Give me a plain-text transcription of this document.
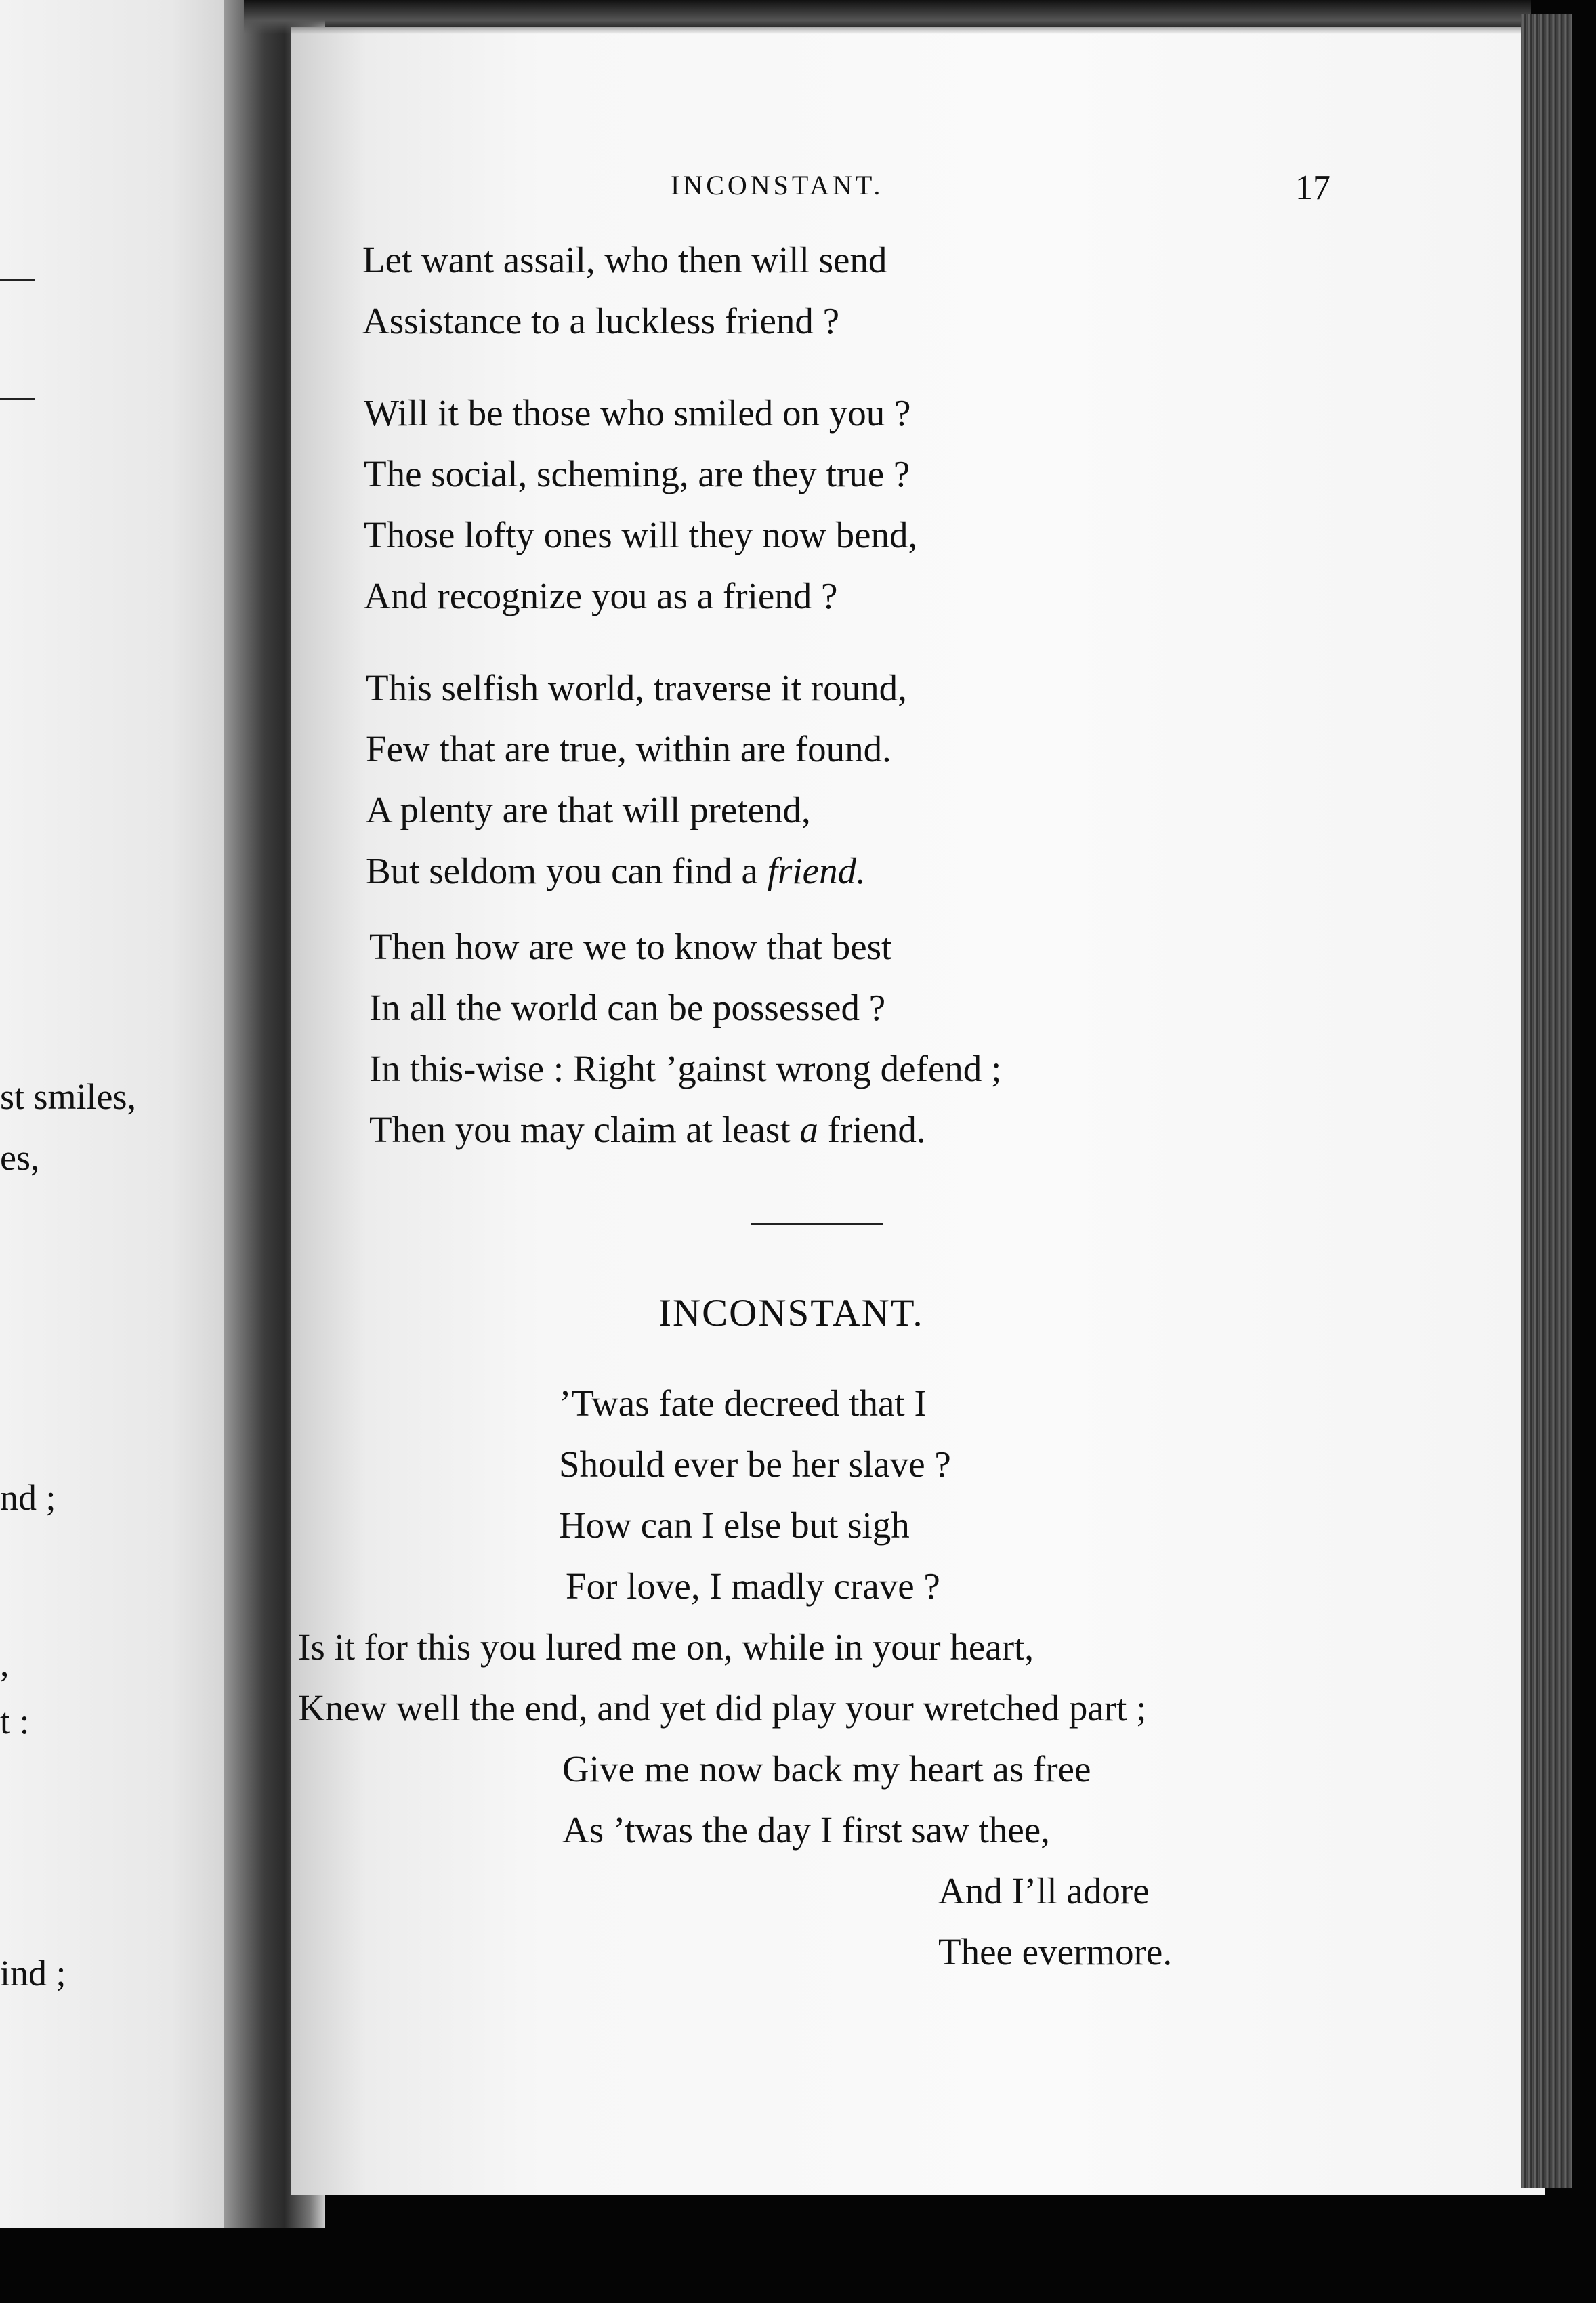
st smiles,
es,
nd ;
,
t :
ind ;
INCONSTANT.	17
Let want assail, who then will send
Assistance to a luckless friend ?
Will it be those who smiled on you ?
The social, scheming, are they true ?
Those lofty ones will they now bend,
And recognize you as a friend ?
This selfish world, traverse it round,
Few that are true, within are found.
A plenty are that will pretend,
But seldom you can find a friend.
Then how are we to know that best
In all the world can be possessed ?
In this-wise : Right ’gainst wrong defend ;
Then you may claim at least a friend.
INCONSTANT.
’Twas fate decreed that I
Should ever be her slave ?
How can I else but sigh
For love, I madly crave ?
Is it for this you lured me on, while in your heart,
Knew well the end, and yet did play your wretched part ;
Give me now back my heart as free
As ’twas the day I first saw thee,
And I’ll adore
Thee evermore.
